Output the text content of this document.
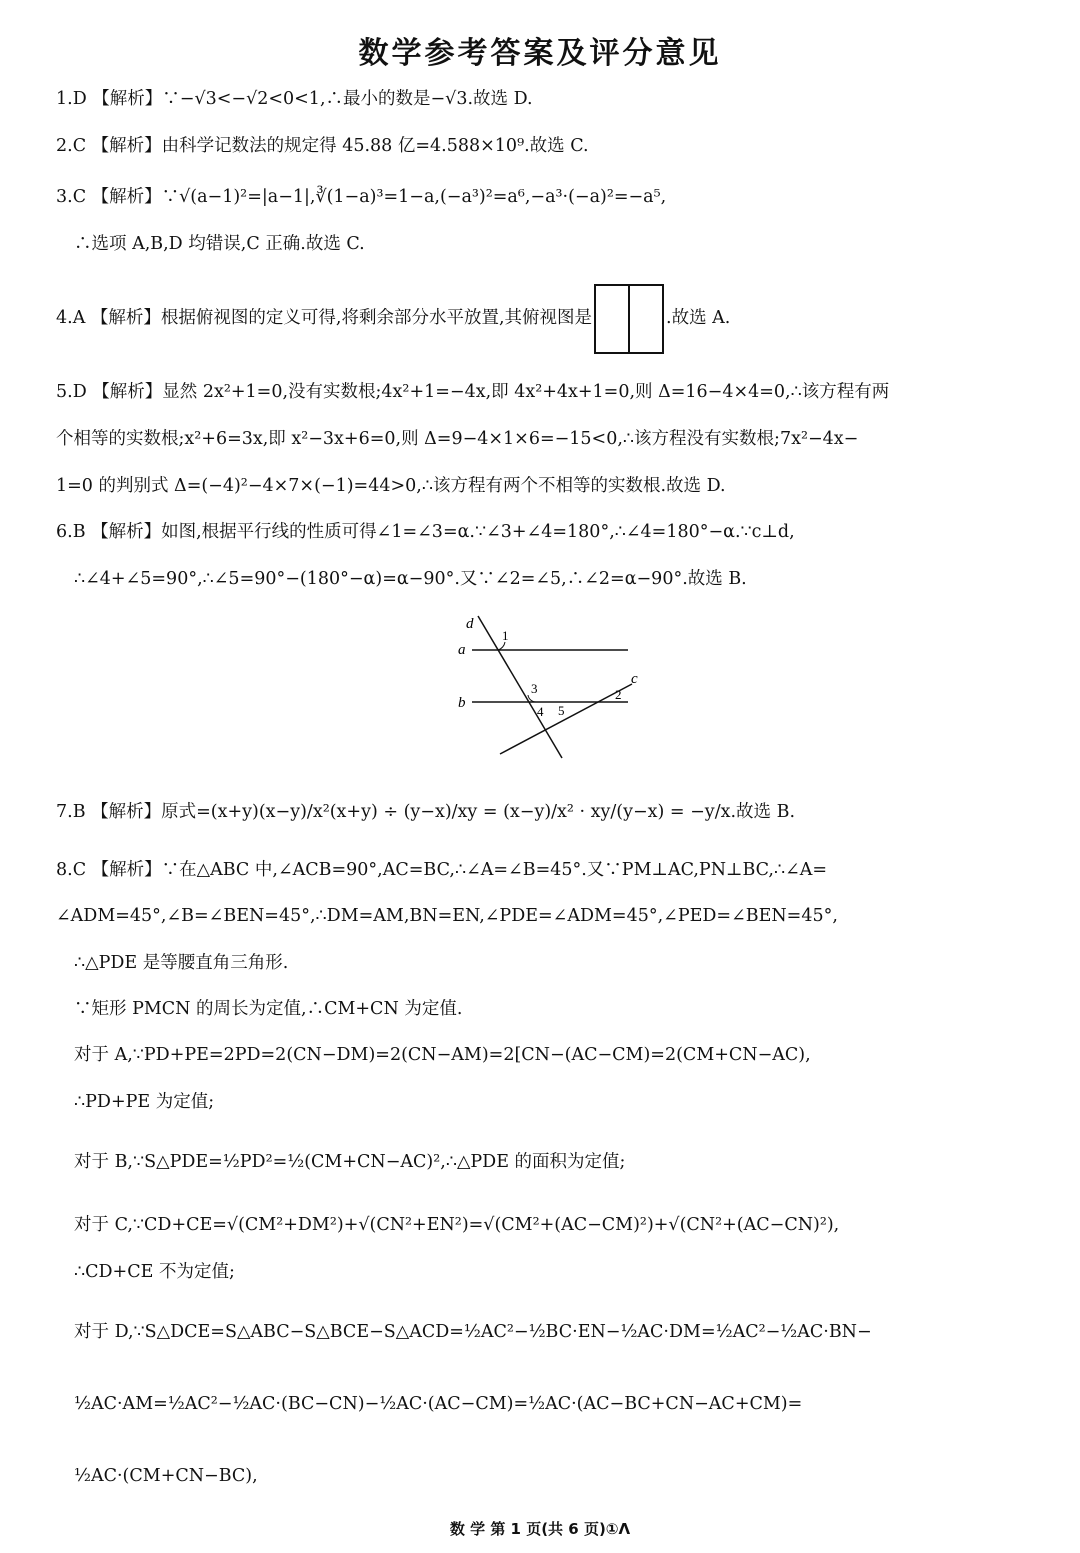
数学参考答案及评分意见
1.D 【解析】∵−√3<−√2<0<1,∴最小的数是−√3.故选 D.
2.C 【解析】由科学记数法的规定得 45.88 亿=4.588×10⁹.故选 C.
3.C 【解析】∵√(a−1)²=|a−1|,∛(1−a)³=1−a,(−a³)²=a⁶,−a³·(−a)²=−a⁵,
∴选项 A,B,D 均错误,C 正确.故选 C.
4.A 【解析】根据俯视图的定义可得,将剩余部分水平放置,其俯视图是	.故选 A.
5.D 【解析】显然 2x²+1=0,没有实数根;4x²+1=−4x,即 4x²+4x+1=0,则 Δ=16−4×4=0,∴该方程有两
个相等的实数根;x²+6=3x,即 x²−3x+6=0,则 Δ=9−4×1×6=−15<0,∴该方程没有实数根;7x²−4x−
1=0 的判别式 Δ=(−4)²−4×7×(−1)=44>0,∴该方程有两个不相等的实数根.故选 D.
6.B 【解析】如图,根据平行线的性质可得∠1=∠3=α.∵∠3+∠4=180°,∴∠4=180°−α.∵c⊥d,
∴∠4+∠5=90°,∴∠5=90°−(180°−α)=α−90°.又∵∠2=∠5,∴∠2=α−90°.故选 B.
d
a
b
c
1
2
3
4 5
7.B 【解析】原式=(x+y)(x−y)/x²(x+y) ÷ (y−x)/xy = (x−y)/x² · xy/(y−x) = −y/x.故选 B.
8.C 【解析】∵在△ABC 中,∠ACB=90°,AC=BC,∴∠A=∠B=45°.又∵PM⊥AC,PN⊥BC,∴∠A=
∠ADM=45°,∠B=∠BEN=45°,∴DM=AM,BN=EN,∠PDE=∠ADM=45°,∠PED=∠BEN=45°,
∴△PDE 是等腰直角三角形.
∵矩形 PMCN 的周长为定值,∴CM+CN 为定值.
对于 A,∵PD+PE=2PD=2(CN−DM)=2(CN−AM)=2[CN−(AC−CM)=2(CM+CN−AC),
∴PD+PE 为定值;
对于 B,∵S△PDE=½PD²=½(CM+CN−AC)²,∴△PDE 的面积为定值;
对于 C,∵CD+CE=√(CM²+DM²)+√(CN²+EN²)=√(CM²+(AC−CM)²)+√(CN²+(AC−CN)²),
∴CD+CE 不为定值;
对于 D,∵S△DCE=S△ABC−S△BCE−S△ACD=½AC²−½BC·EN−½AC·DM=½AC²−½AC·BN−
½AC·AM=½AC²−½AC·(BC−CN)−½AC·(AC−CM)=½AC·(AC−BC+CN−AC+CM)=
½AC·(CM+CN−BC),
数 学 第 1 页(共 6 页)①Λ
